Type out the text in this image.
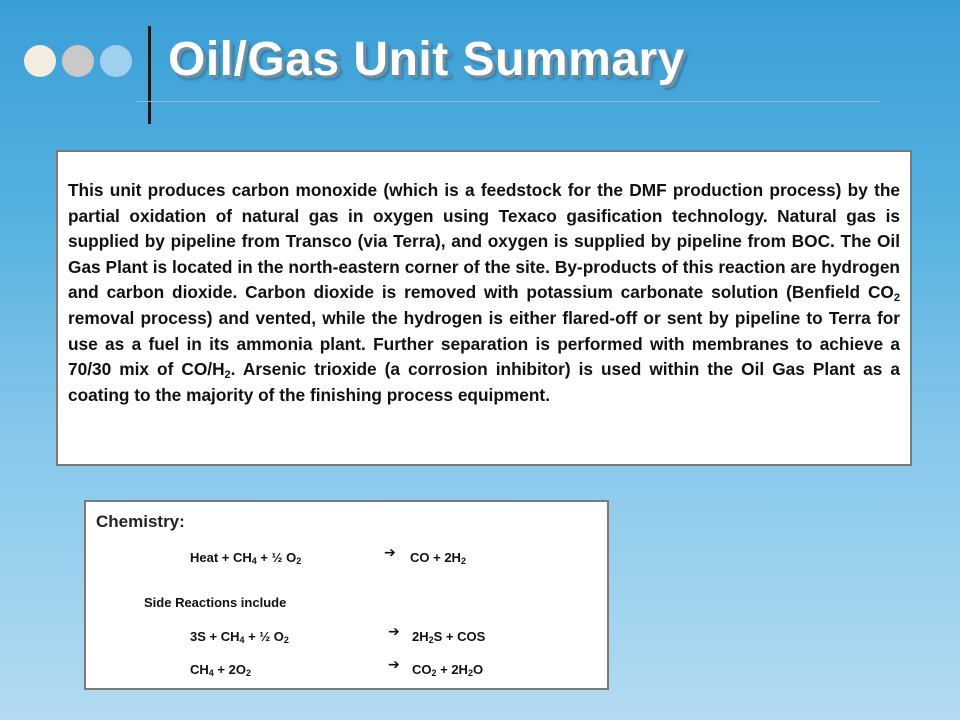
Oil/Gas Unit Summary

This unit produces carbon monoxide (which is a feedstock for the DMF production process) by the partial oxidation of natural gas in oxygen using Texaco gasification technology. Natural gas is supplied by pipeline from Transco (via Terra), and oxygen is supplied by pipeline from BOC. The Oil Gas Plant is located in the north-eastern corner of the site. By-products of this reaction are hydrogen and carbon dioxide. Carbon dioxide is removed with potassium carbonate solution (Benfield $CO_2$ removal process) and vented, while the hydrogen is either flared-off or sent by pipeline to Terra for use as a fuel in its ammonia plant. Further separation is performed with membranes to achieve a 70/30 mix of $CO/H_2$. Arsenic trioxide (a corrosion inhibitor) is used within the Oil Gas Plant as a coating to the majority of the finishing process equipment.

Chemistry:
Heat + $CH_4$ + ½ $O_2$	➔ CO + $2H_2$
Side Reactions include
$3S + CH_4$ + ½ $O_2$	➔ $2H_2S$ + COS
$CH_4 + 2O_2$	➔ $CO_2 + 2H_2O$
